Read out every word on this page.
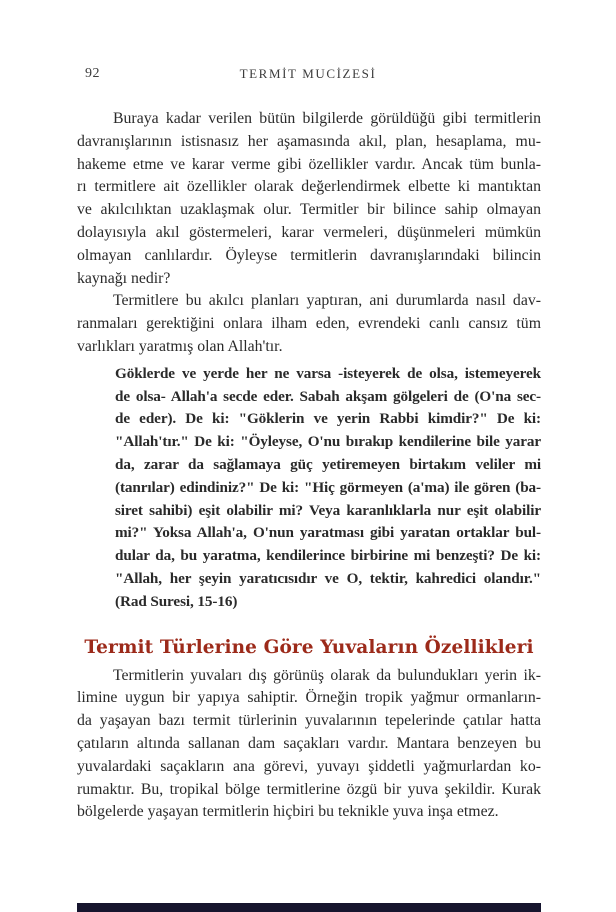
TERMİT MUCİZESİ
92
Buraya kadar verilen bütün bilgilerde görüldüğü gibi termitlerin
davranışlarının istisnasız her aşamasında akıl, plan, hesaplama, mu-
hakeme etme ve karar verme gibi özellikler vardır. Ancak tüm bunla-
rı termitlere ait özellikler olarak değerlendirmek elbette ki mantıktan
ve akılcılıktan uzaklaşmak olur. Termitler bir bilince sahip olmayan
dolayısıyla akıl göstermeleri, karar vermeleri, düşünmeleri mümkün
olmayan canlılardır. Öyleyse termitlerin davranışlarındaki bilincin
kaynağı nedir?
Termitlere bu akılcı planları yaptıran, ani durumlarda nasıl dav-
ranmaları gerektiğini onlara ilham eden, evrendeki canlı cansız tüm
varlıkları yaratmış olan Allah'tır.
Göklerde ve yerde her ne varsa -isteyerek de olsa, istemeyerek
de olsa- Allah'a secde eder. Sabah akşam gölgeleri de (O'na sec-
de eder). De ki: "Göklerin ve yerin Rabbi kimdir?" De ki:
"Allah'tır." De ki: "Öyleyse, O'nu bırakıp kendilerine bile yarar
da, zarar da sağlamaya güç yetiremeyen birtakım veliler mi
(tanrılar) edindiniz?" De ki: "Hiç görmeyen (a'ma) ile gören (ba-
siret sahibi) eşit olabilir mi? Veya karanlıklarla nur eşit olabilir
mi?" Yoksa Allah'a, O'nun yaratması gibi yaratan ortaklar bul-
dular da, bu yaratma, kendilerince birbirine mi benzeşti? De ki:
"Allah, her şeyin yaratıcısıdır ve O, tektir, kahredici olandır."
(Rad Suresi, 15-16)
Termit Türlerine Göre Yuvaların Özellikleri
Termitlerin yuvaları dış görünüş olarak da bulundukları yerin ik-
limine uygun bir yapıya sahiptir. Örneğin tropik yağmur ormanların-
da yaşayan bazı termit türlerinin yuvalarının tepelerinde çatılar hatta
çatıların altında sallanan dam saçakları vardır. Mantara benzeyen bu
yuvalardaki saçakların ana görevi, yuvayı şiddetli yağmurlardan ko-
rumaktır. Bu, tropikal bölge termitlerine özgü bir yuva şekildir. Kurak
bölgelerde yaşayan termitlerin hiçbiri bu teknikle yuva inşa etmez.
